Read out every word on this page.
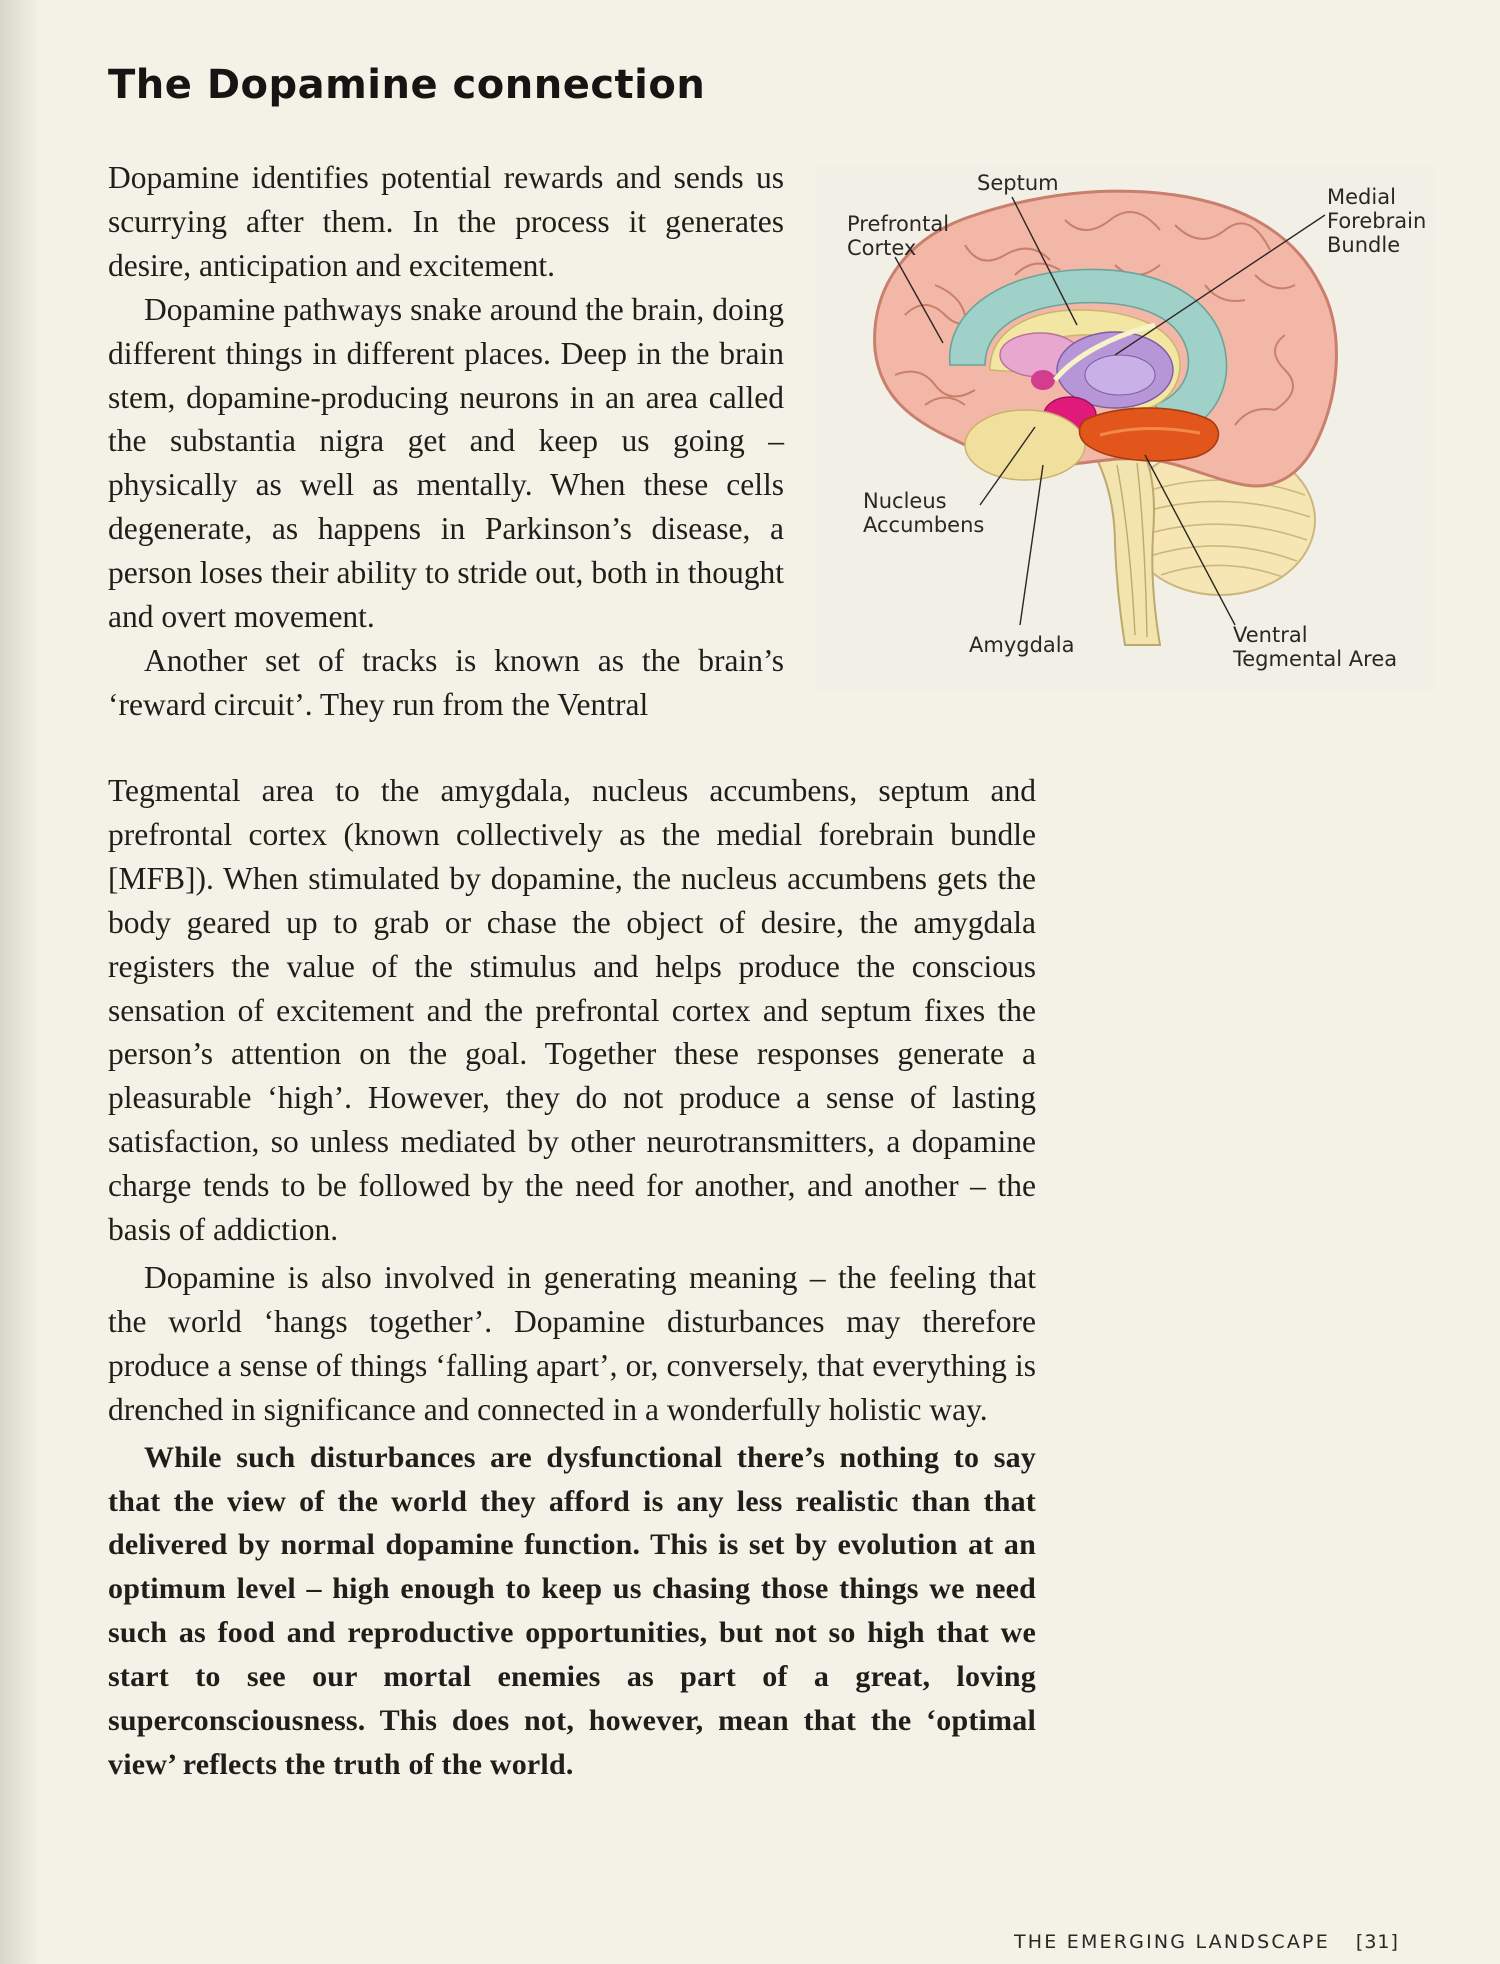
The Dopamine connection

Dopamine identifies potential rewards and sends us scurrying after them. In the process it generates desire, anticipation and excitement.

Dopamine pathways snake around the brain, doing different things in different places. Deep in the brain stem, dopamine-producing neurons in an area called the substantia nigra get and keep us going – physically as well as mentally. When these cells degenerate, as happens in Parkinson’s disease, a person loses their ability to stride out, both in thought and overt movement.

Another set of tracks is known as the brain’s ‘reward circuit’. They run from the Ventral

Tegmental area to the amygdala, nucleus accumbens, septum and prefrontal cortex (known collectively as the medial forebrain bundle [MFB]). When stimulated by dopamine, the nucleus accumbens gets the body geared up to grab or chase the object of desire, the amygdala registers the value of the stimulus and helps produce the conscious sensation of excitement and the prefrontal cortex and septum fixes the person’s attention on the goal. Together these responses generate a pleasurable ‘high’. However, they do not produce a sense of lasting satisfaction, so unless mediated by other neurotransmitters, a dopamine charge tends to be followed by the need for another, and another – the basis of addiction.

Dopamine is also involved in generating meaning – the feeling that the world ‘hangs together’. Dopamine disturbances may therefore produce a sense of things ‘falling apart’, or, conversely, that everything is drenched in significance and connected in a wonderfully holistic way.

While such disturbances are dysfunctional there’s nothing to say that the view of the world they afford is any less realistic than that delivered by normal dopamine function. This is set by evolution at an optimum level – high enough to keep us chasing those things we need such as food and reproductive opportunities, but not so high that we start to see our mortal enemies as part of a great, loving superconsciousness. This does not, however, mean that the ‘optimal view’ reflects the truth of the world.

Septum
Prefrontal
Cortex
Medial
Forebrain
Bundle
Nucleus
Accumbens
Amygdala	Ventral
Tegmental Area
THE EMERGING LANDSCAPE [31]
